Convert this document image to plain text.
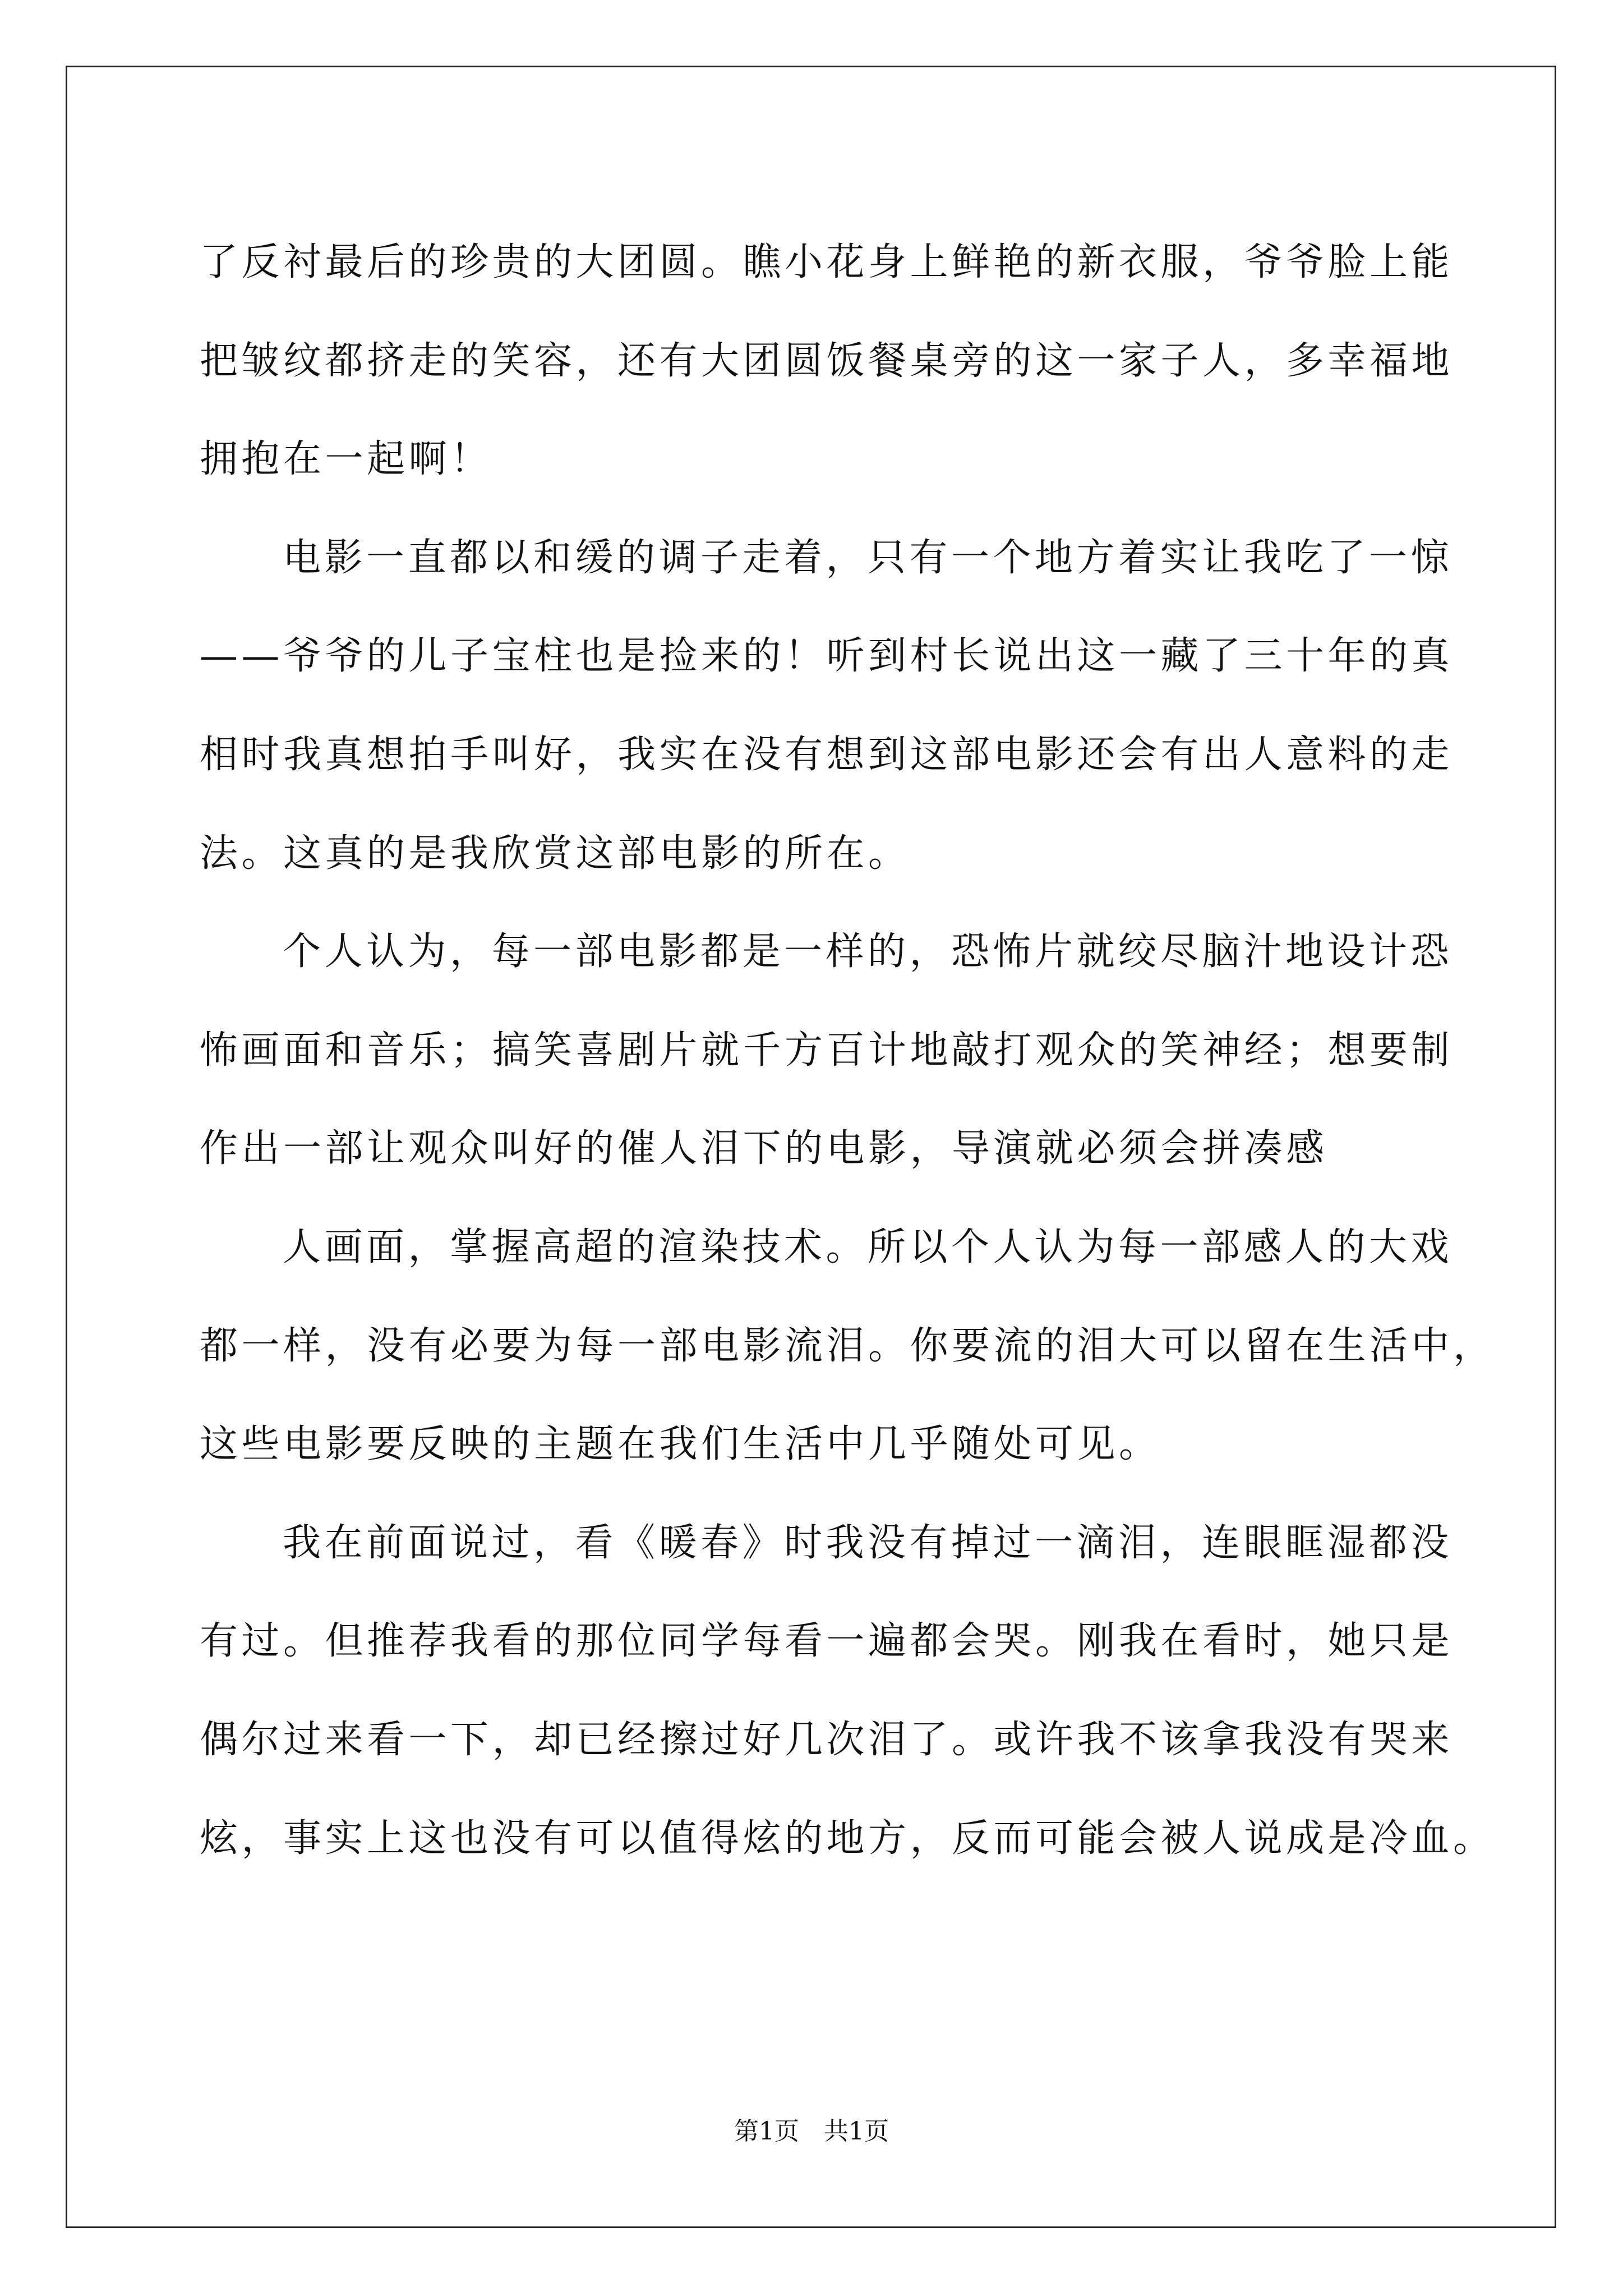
了反衬最后的珍贵的大团圆。瞧小花身上鲜艳的新衣服，爷爷脸上能
把皱纹都挤走的笑容，还有大团圆饭餐桌旁的这一家子人，多幸福地
拥抱在一起啊！
电影一直都以和缓的调子走着，只有一个地方着实让我吃了一惊
——爷爷的儿子宝柱也是捡来的！听到村长说出这一藏了三十年的真
相时我真想拍手叫好，我实在没有想到这部电影还会有出人意料的走
法。这真的是我欣赏这部电影的所在。
个人认为，每一部电影都是一样的，恐怖片就绞尽脑汁地设计恐
怖画面和音乐；搞笑喜剧片就千方百计地敲打观众的笑神经；想要制
作出一部让观众叫好的催人泪下的电影，导演就必须会拼凑感
人画面，掌握高超的渲染技术。所以个人认为每一部感人的大戏
都一样，没有必要为每一部电影流泪。你要流的泪大可以留在生活中，
这些电影要反映的主题在我们生活中几乎随处可见。
我在前面说过，看《暖春》时我没有掉过一滴泪，连眼眶湿都没
有过。但推荐我看的那位同学每看一遍都会哭。刚我在看时，她只是
偶尔过来看一下，却已经擦过好几次泪了。或许我不该拿我没有哭来
炫，事实上这也没有可以值得炫的地方，反而可能会被人说成是冷血。
第1页　共1页
